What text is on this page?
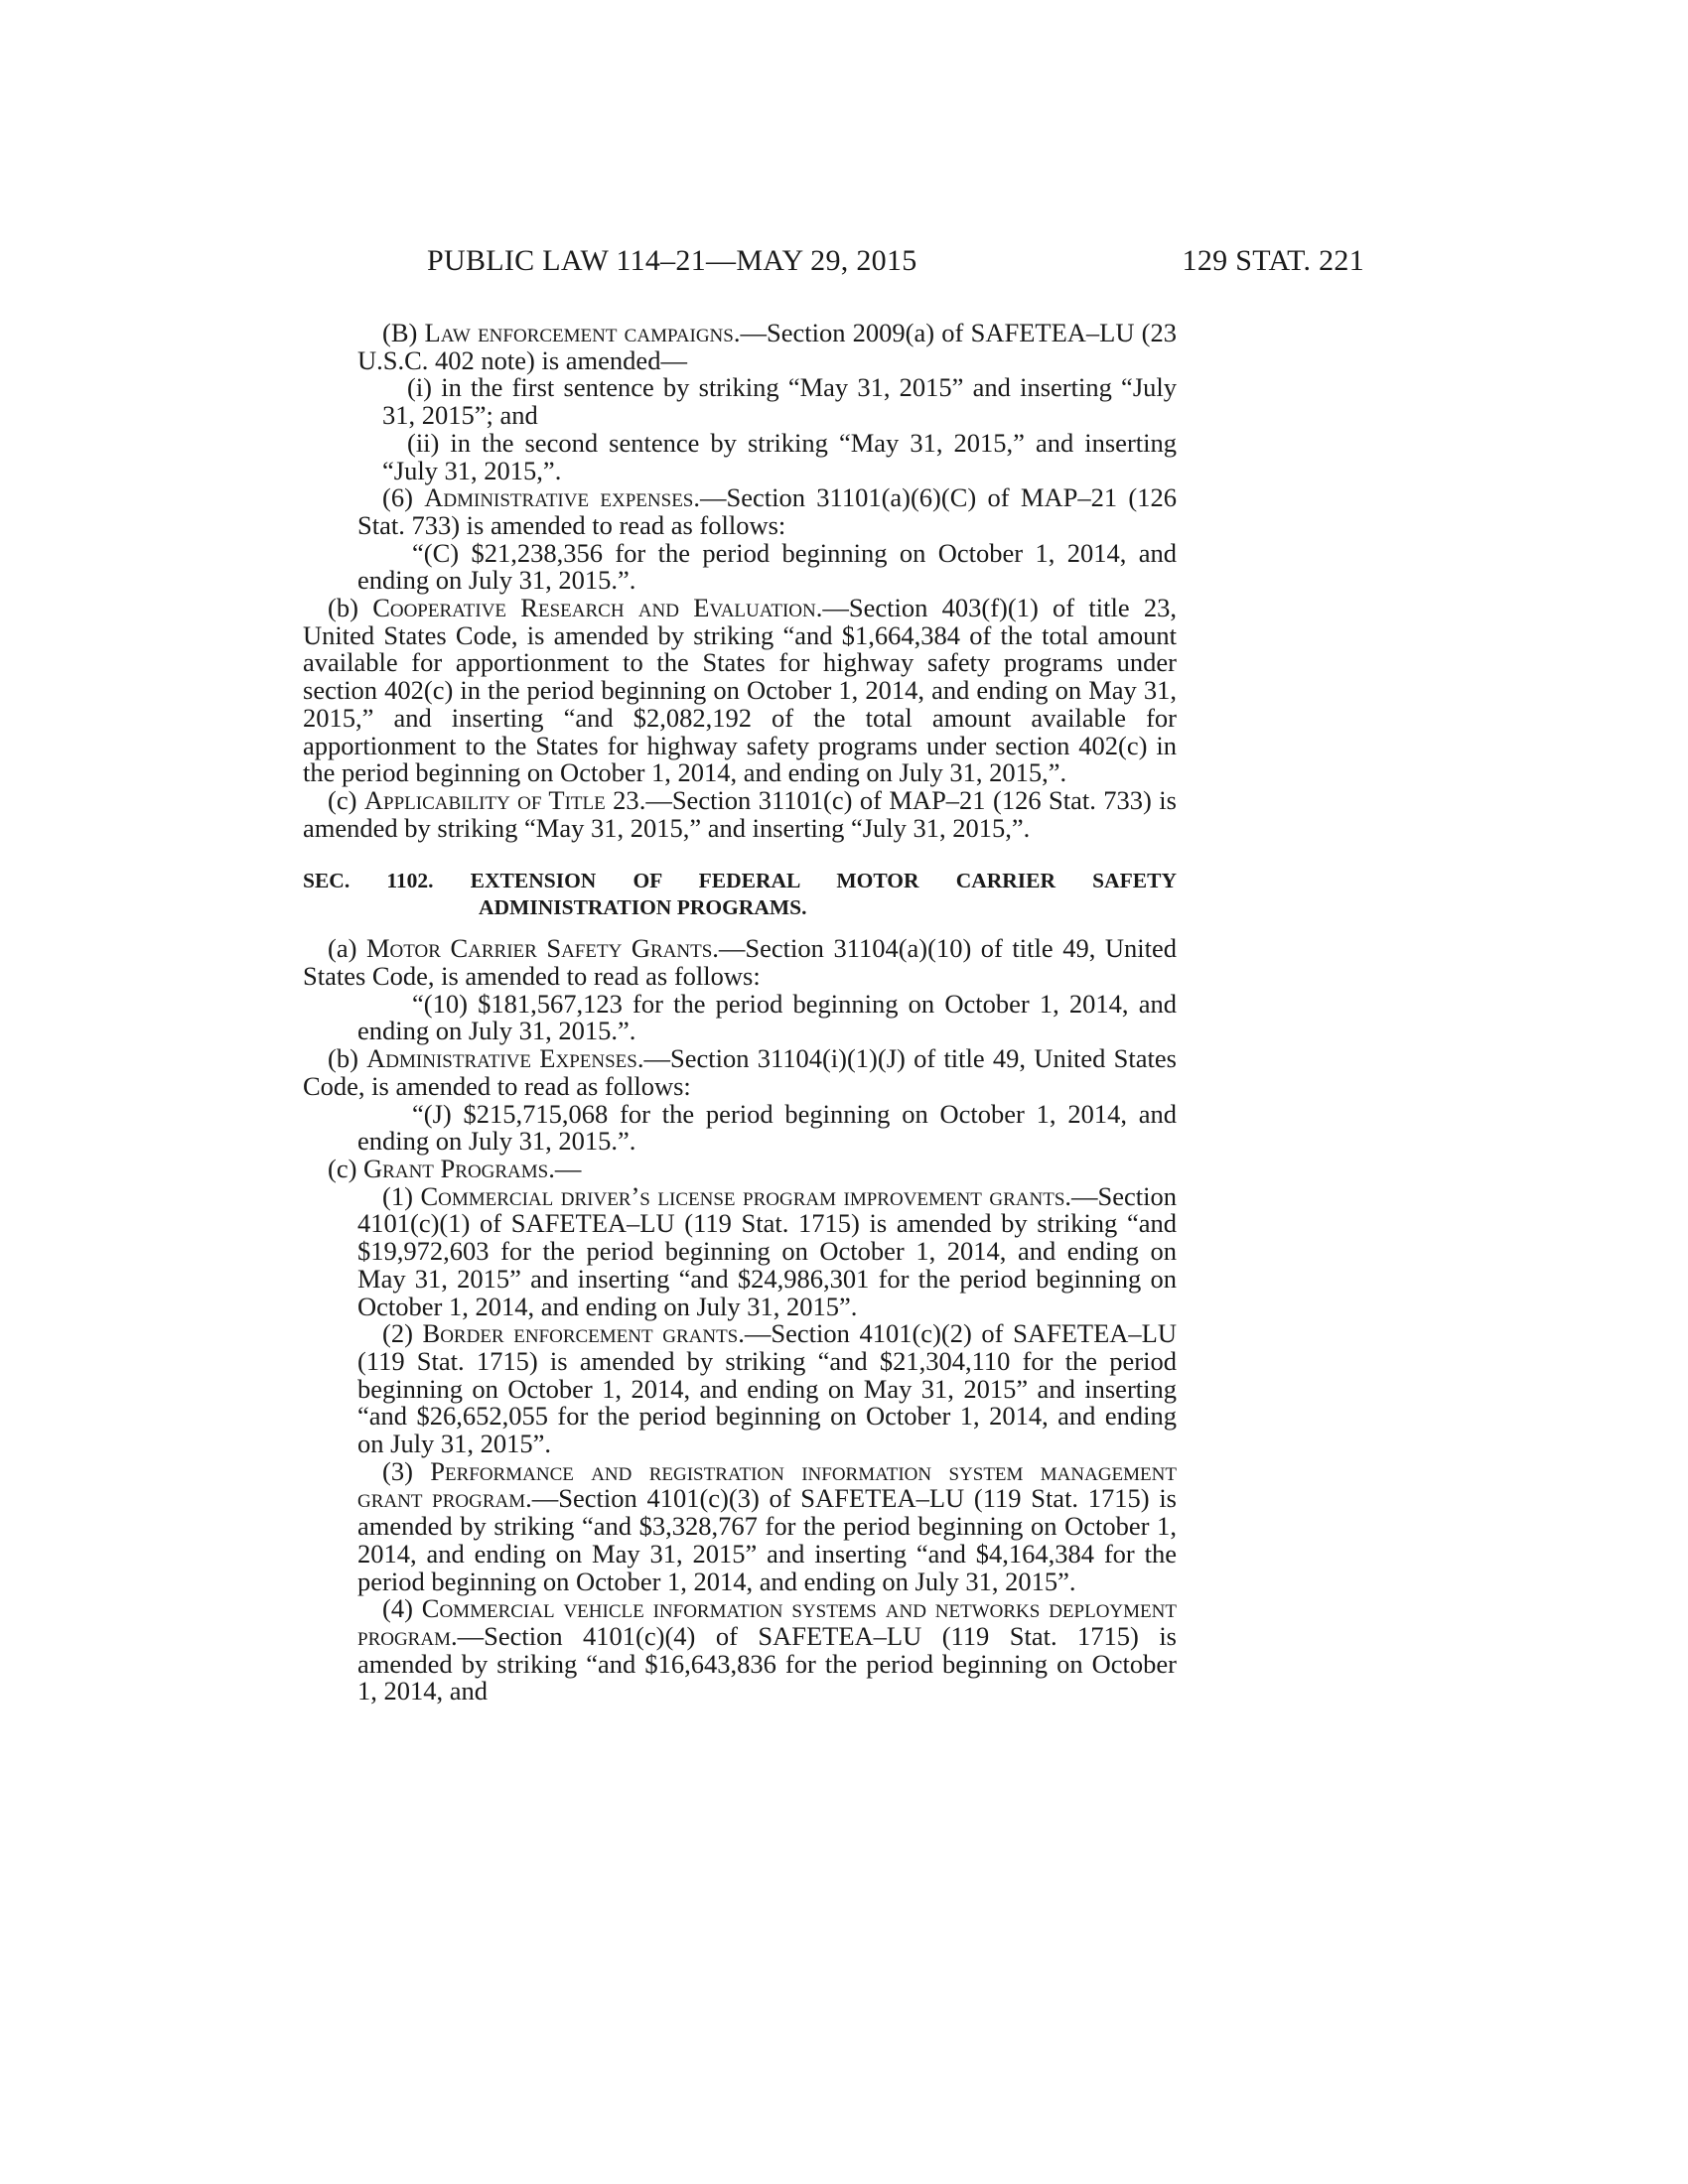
PUBLIC LAW 114–21—MAY 29, 2015	129 STAT. 221

(B) Law enforcement campaigns.—Section 2009(a) of SAFETEA–LU (23 U.S.C. 402 note) is amended—

(i) in the first sentence by striking “May 31, 2015” and inserting “July 31, 2015”; and

(ii) in the second sentence by striking “May 31, 2015,” and inserting “July 31, 2015,”.

(6) Administrative expenses.—Section 31101(a)(6)(C) of MAP–21 (126 Stat. 733) is amended to read as follows:

“(C) $21,238,356 for the period beginning on October 1, 2014, and ending on July 31, 2015.”.

(b) Cooperative Research and Evaluation.—Section 403(f)(1) of title 23, United States Code, is amended by striking “and $1,664,384 of the total amount available for apportionment to the States for highway safety programs under section 402(c) in the period beginning on October 1, 2014, and ending on May 31, 2015,” and inserting “and $2,082,192 of the total amount available for apportionment to the States for highway safety programs under section 402(c) in the period beginning on October 1, 2014, and ending on July 31, 2015,”.

(c) Applicability of Title 23.—Section 31101(c) of MAP–21 (126 Stat. 733) is amended by striking “May 31, 2015,” and inserting “July 31, 2015,”.

SEC. 1102. EXTENSION OF FEDERAL MOTOR CARRIER SAFETY
ADMINISTRATION PROGRAMS.

(a) Motor Carrier Safety Grants.—Section 31104(a)(10) of title 49, United States Code, is amended to read as follows:

“(10) $181,567,123 for the period beginning on October 1, 2014, and ending on July 31, 2015.”.

(b) Administrative Expenses.—Section 31104(i)(1)(J) of title 49, United States Code, is amended to read as follows:

“(J) $215,715,068 for the period beginning on October 1, 2014, and ending on July 31, 2015.”.

(c) Grant Programs.—

(1) Commercial driver’s license program improvement grants.—Section 4101(c)(1) of SAFETEA–LU (119 Stat. 1715) is amended by striking “and $19,972,603 for the period beginning on October 1, 2014, and ending on May 31, 2015” and inserting “and $24,986,301 for the period beginning on October 1, 2014, and ending on July 31, 2015”.

(2) Border enforcement grants.—Section 4101(c)(2) of SAFETEA–LU (119 Stat. 1715) is amended by striking “and $21,304,110 for the period beginning on October 1, 2014, and ending on May 31, 2015” and inserting “and $26,652,055 for the period beginning on October 1, 2014, and ending on July 31, 2015”.

(3) Performance and registration information system management grant program.—Section 4101(c)(3) of SAFETEA–LU (119 Stat. 1715) is amended by striking “and $3,328,767 for the period beginning on October 1, 2014, and ending on May 31, 2015” and inserting “and $4,164,384 for the period beginning on October 1, 2014, and ending on July 31, 2015”.

(4) Commercial vehicle information systems and networks deployment program.—Section 4101(c)(4) of SAFETEA–LU (119 Stat. 1715) is amended by striking “and $16,643,836 for the period beginning on October 1, 2014, and
